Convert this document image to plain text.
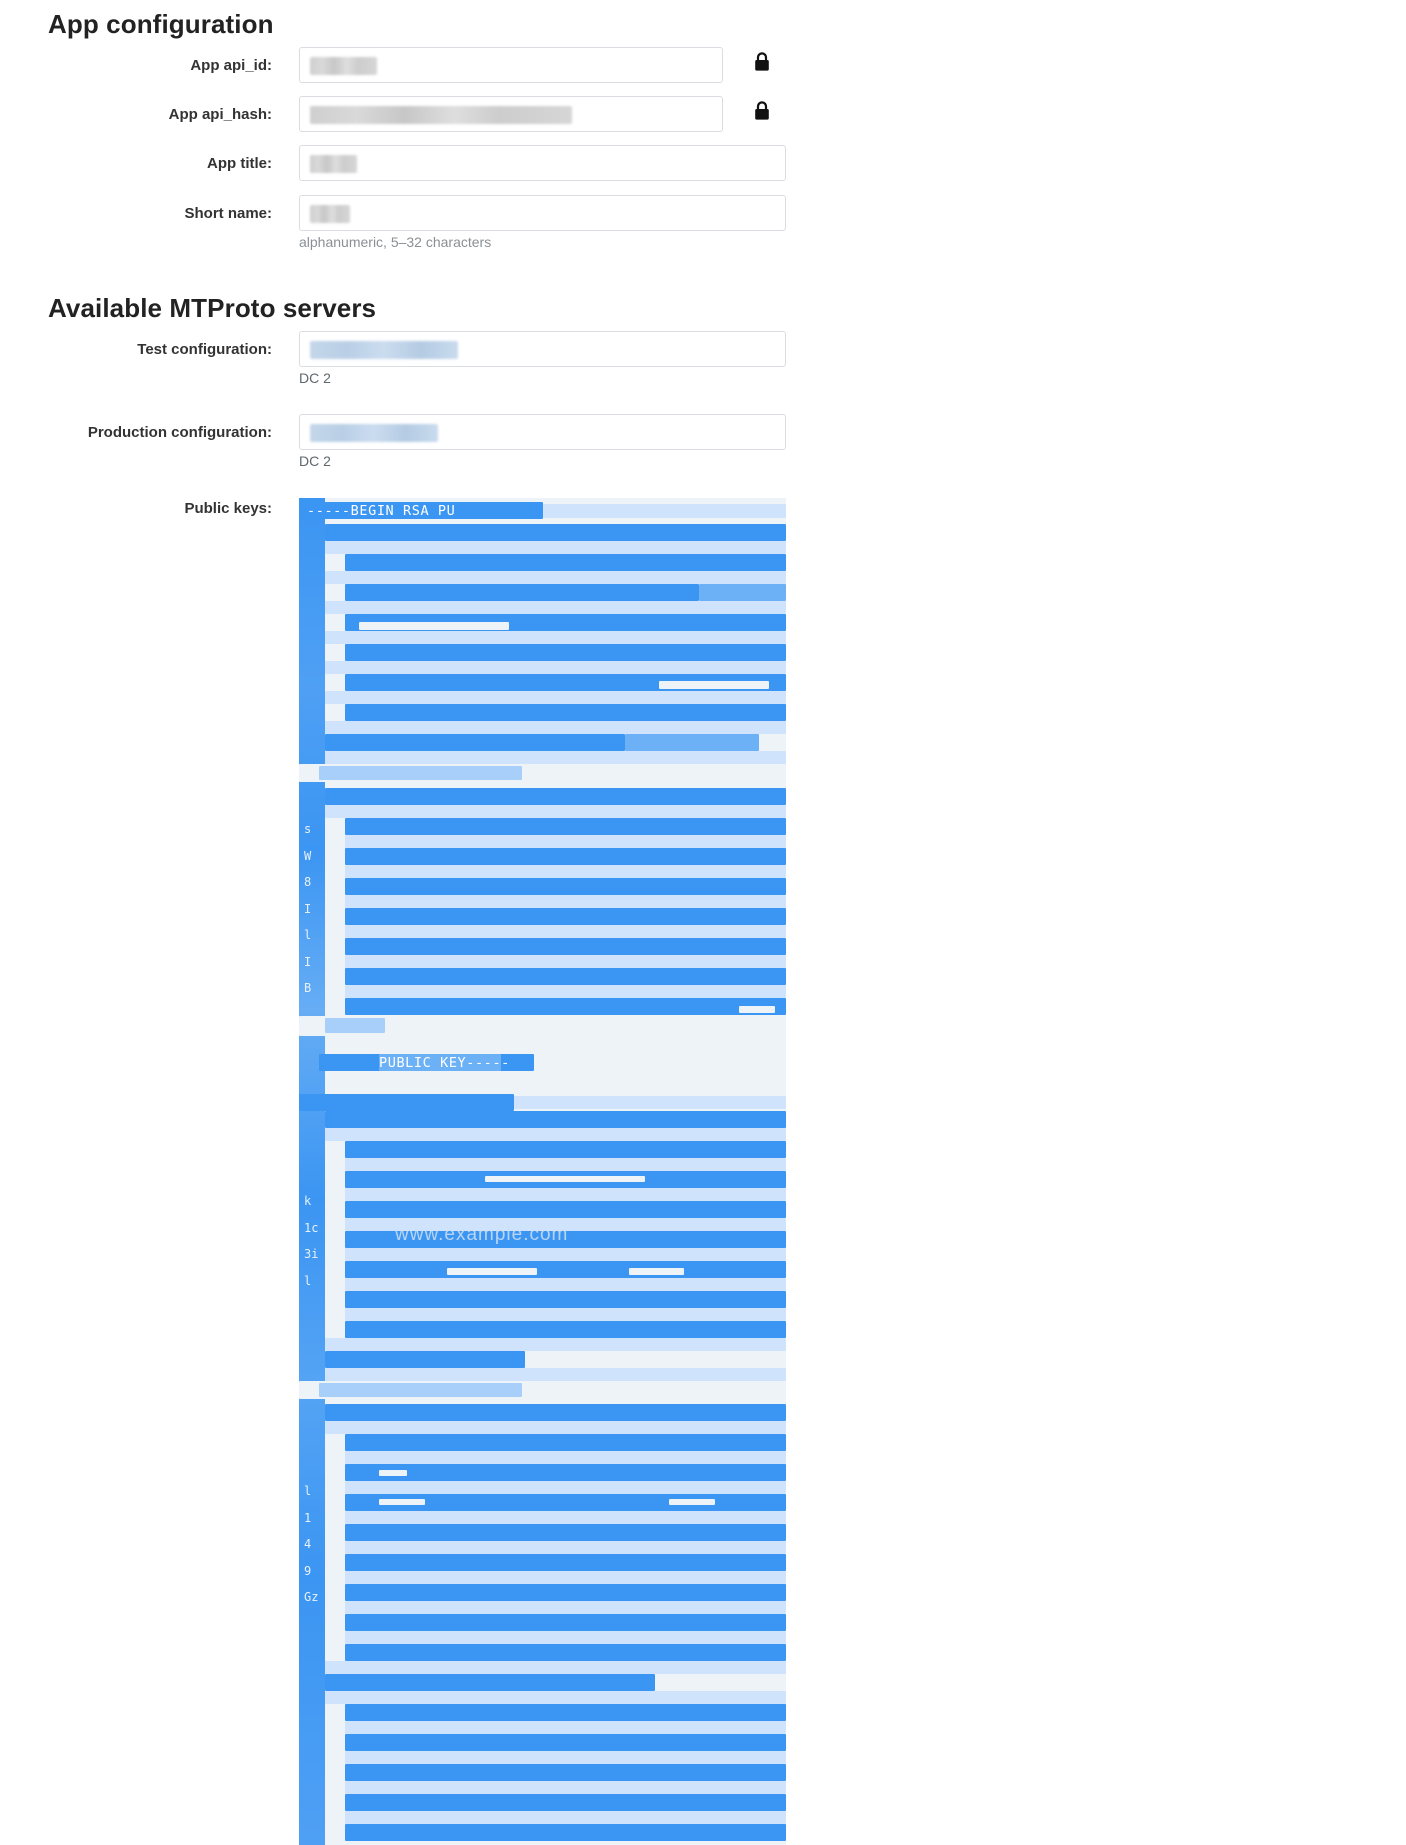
App configuration
App api_id:
App api_hash:
App title:
Short name:
alphanumeric, 5–32 characters
Available MTProto servers
Test configuration:
DC 2
Production configuration:
DC 2
Public keys:
s
W
8
I
l
I
B
k
1c
3i
l
l
1
4
9
Gz
-----BEGIN RSA PU
PUBLIC KEY-----
www.example.com
